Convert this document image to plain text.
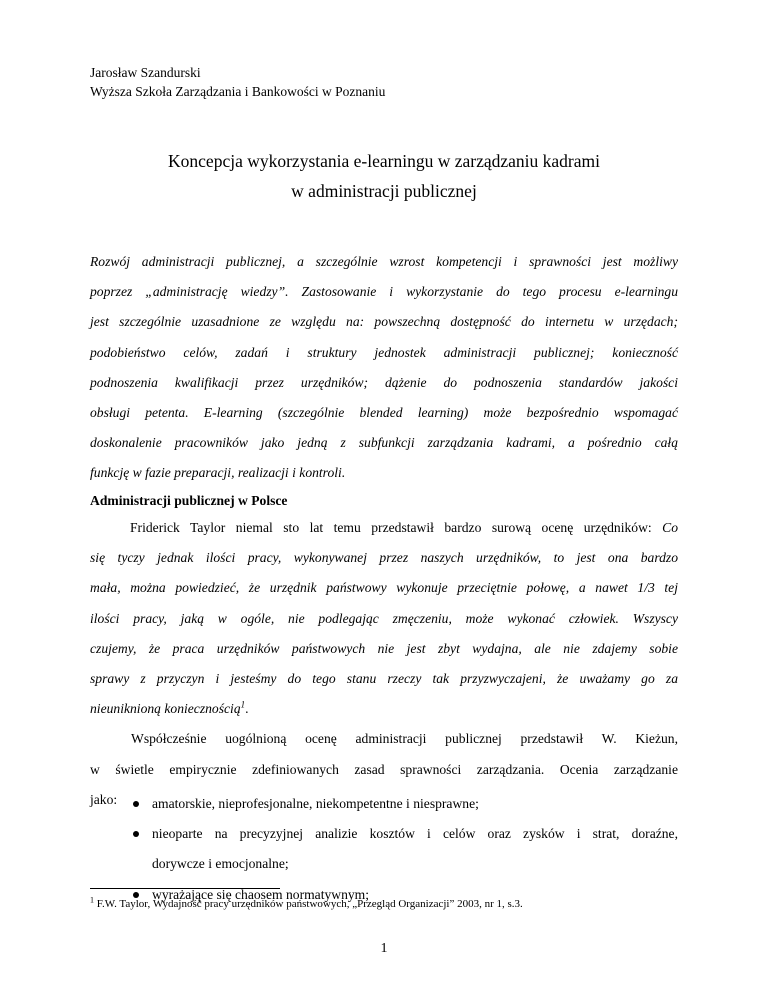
Jarosław Szandurski
Wyższa Szkoła Zarządzania i Bankowości w Poznaniu
Koncepcja wykorzystania e-learningu w zarządzaniu kadrami
w administracji publicznej
Rozwój administracji publicznej, a szczególnie wzrost kompetencji i sprawności jest możliwy
poprzez „administrację wiedzy”. Zastosowanie i wykorzystanie do tego procesu e-learningu
jest szczególnie uzasadnione ze względu na: powszechną dostępność do internetu w urzędach;
podobieństwo celów, zadań i struktury jednostek administracji publicznej; konieczność
podnoszenia kwalifikacji przez urzędników; dążenie do podnoszenia standardów jakości
obsługi petenta. E-learning (szczególnie blended learning) może bezpośrednio wspomagać
doskonalenie pracowników jako jedną z subfunkcji zarządzania kadrami, a pośrednio całą
funkcję w fazie preparacji, realizacji i kontroli.
Administracji publicznej w Polsce
Friderick Taylor niemal sto lat temu przedstawił bardzo surową ocenę urzędników: Co
się tyczy jednak ilości pracy, wykonywanej przez naszych urzędników, to jest ona bardzo
mała, można powiedzieć, że urzędnik państwowy wykonuje przeciętnie połowę, a nawet 1/3 tej
ilości pracy, jaką w ogóle, nie podlegając zmęczeniu, może wykonać człowiek. Wszyscy
czujemy, że praca urzędników państwowych nie jest zbyt wydajna, ale nie zdajemy sobie
sprawy z przyczyn i jesteśmy do tego stanu rzeczy tak przyzwyczajeni, że uważamy go za
nieuniknioną koniecznością$^1$.
Współcześnie uogólnioną ocenę administracji publicznej przedstawił W. Kieżun,
w świetle empirycznie zdefiniowanych zasad sprawności zarządzania. Ocenia zarządzanie
jako:	amatorskie, nieprofesjonalne, niekompetentne i niesprawne;
nieoparte na precyzyjnej analizie kosztów i celów oraz zysków i strat, doraźne,
dorywcze i emocjonalne;
wyrażające się chaosem normatywnym;
$^1$ F.W. Taylor, Wydajność pracy urzędników państwowych, „Przegląd Organizacji” 2003, nr 1, s.3.
1
